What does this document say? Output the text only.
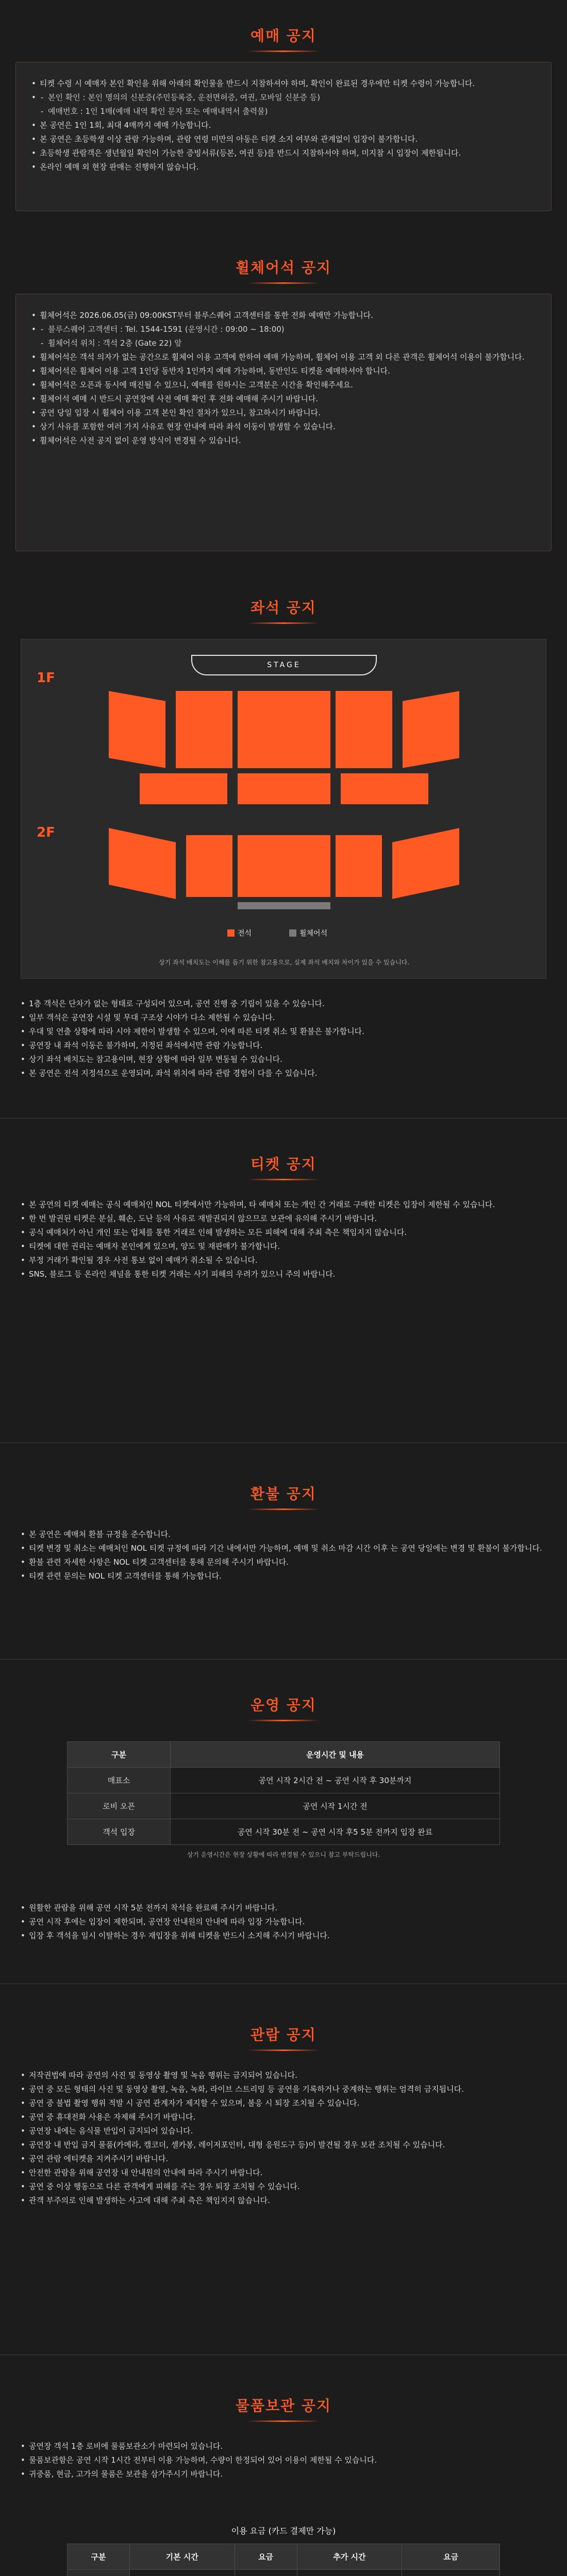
예매 공지
• 티켓 수령 시 예매자 본인 확인을 위해 아래의 확인물을 반드시 지참하셔야 하며, 확인이 완료된 경우에만 티켓 수령이 가능합니다.
- • 본인 확인 : 본인 명의의 신분증(주민등록증, 운전면허증, 여권, 모바일 신분증 등)
- 예매번호 : 1인 1매(예매 내역 확인 문자 또는 예매내역서 출력물)
• 본 공연은 1인 1회, 최대 4매까지 예매 가능합니다.
• 본 공연은 초등학생 이상 관람 가능하며, 관람 연령 미만의 아동은 티켓 소지 여부와 관계없이 입장이 불가합니다.
• 초등학생 관람객은 생년월일 확인이 가능한 증빙서류(등본, 여권 등)를 반드시 지참하셔야 하며, 미지참 시 입장이 제한됩니다.
• 온라인 예매 외 현장 판매는 진행하지 않습니다.
휠체어석 공지
• 휠체어석은 2026.06.05(금) 09:00KST부터 블루스퀘어 고객센터를 통한 전화 예매만 가능합니다.
- • 블루스퀘어 고객센터 : Tel. 1544-1591 (운영시간 : 09:00 ~ 18:00)
- 휠체어석 위치 : 객석 2층 (Gate 22) 앞
• 휠체어석은 객석 의자가 없는 공간으로 휠체어 이용 고객에 한하여 예매 가능하며, 휠체어 이용 고객 외 다른 관객은 휠체어석 이용이 불가합니다.
• 휠체어석은 휠체어 이용 고객 1인당 동반자 1인까지 예매 가능하며, 동반인도 티켓을 예매하셔야 합니다.
• 휠체어석은 오픈과 동시에 매진될 수 있으니, 예매를 원하시는 고객분은 시간을 확인해주세요.
• 휠체어석 예매 시 반드시 공연장에 사전 예매 확인 후 전화 예매해 주시기 바랍니다.
• 공연 당일 입장 시 휠체어 이용 고객 본인 확인 절차가 있으니, 참고하시기 바랍니다.
• 상기 사유를 포함한 여러 가지 사유로 현장 안내에 따라 좌석 이동이 발생할 수 있습니다.
• 휠체어석은 사전 공지 없이 운영 방식이 변경될 수 있습니다.
좌석 공지
STAGE
1F
2F
전석	휠체어석
상기 좌석 배치도는 이해를 돕기 위한 참고용으로, 실제 좌석 배치와 차이가 있을 수 있습니다.
• 1층 객석은 단차가 없는 형태로 구성되어 있으며, 공연 진행 중 기립이 있을 수 있습니다.
• 일부 객석은 공연장 시설 및 무대 구조상 시야가 다소 제한될 수 있습니다.
• 우대 및 연출 상황에 따라 시야 제한이 발생할 수 있으며, 이에 따른 티켓 취소 및 환불은 불가합니다.
• 공연장 내 좌석 이동은 불가하며, 지정된 좌석에서만 관람 가능합니다.
• 상기 좌석 배치도는 참고용이며, 현장 상황에 따라 일부 변동될 수 있습니다.
• 본 공연은 전석 지정석으로 운영되며, 좌석 위치에 따라 관람 경험이 다를 수 있습니다.
티켓 공지
• 본 공연의 티켓 예매는 공식 예매처인 NOL 티켓에서만 가능하며, 타 예매처 또는 개인 간 거래로 구매한 티켓은 입장이 제한될 수 있습니다.
• 한 번 발권된 티켓은 분실, 훼손, 도난 등의 사유로 재발권되지 않으므로 보관에 유의해 주시기 바랍니다.
• 공식 예매처가 아닌 개인 또는 업체를 통한 거래로 인해 발생하는 모든 피해에 대해 주최 측은 책임지지 않습니다.
• 티켓에 대한 권리는 예매자 본인에게 있으며, 양도 및 재판매가 불가합니다.
• 부정 거래가 확인될 경우 사전 통보 없이 예매가 취소될 수 있습니다.
• SNS, 블로그 등 온라인 채널을 통한 티켓 거래는 사기 피해의 우려가 있으니 주의 바랍니다.
환불 공지
• 본 공연은 예매처 환불 규정을 준수합니다.
• 티켓 변경 및 취소는 예매처인 NOL 티켓 규정에 따라 기간 내에서만 가능하며, 예매 및 취소 마감 시간 이후 는 공연 당일에는 변경 및 환불이 불가합니다.
• 환불 관련 자세한 사항은 NOL 티켓 고객센터를 통해 문의해 주시기 바랍니다.
• 티켓 관련 문의는 NOL 티켓 고객센터를 통해 가능합니다.
운영 공지
구분	운영시간 및 내용
매표소	공연 시작 2시간 전 ~ 공연 시작 후 30분까지
로비 오픈	공연 시작 1시간 전
객석 입장	공연 시작 30분 전 ~ 공연 시작 후5 5분 전까지 입장 완료
상기 운영시간은 현장 상황에 따라 변경될 수 있으니 참고 부탁드립니다.
• 원활한 관람을 위해 공연 시작 5분 전까지 착석을 완료해 주시기 바랍니다.
• 공연 시작 후에는 입장이 제한되며, 공연장 안내원의 안내에 따라 입장 가능합니다.
• 입장 후 객석을 일시 이탈하는 경우 재입장을 위해 티켓을 반드시 소지해 주시기 바랍니다.
관람 공지
• 저작권법에 따라 공연의 사진 및 동영상 촬영 및 녹음 행위는 금지되어 있습니다.
• 공연 중 모든 형태의 사진 및 동영상 촬영, 녹음, 녹화, 라이브 스트리밍 등 공연을 기록하거나 중계하는 행위는 엄격히 금지됩니다.
• 공연 중 불법 촬영 행위 적발 시 공연 관계자가 제지할 수 있으며, 불응 시 퇴장 조치될 수 있습니다.
• 공연 중 휴대전화 사용은 자제해 주시기 바랍니다.
• 공연장 내에는 음식물 반입이 금지되어 있습니다.
• 공연장 내 반입 금지 물품(카메라, 캠코더, 셀카봉, 레이저포인터, 대형 응원도구 등)이 발견될 경우 보관 조치될 수 있습니다.
• 공연 관람 에티켓을 지켜주시기 바랍니다.
• 안전한 관람을 위해 공연장 내 안내원의 안내에 따라 주시기 바랍니다.
• 공연 중 이상 행동으로 다른 관객에게 피해를 주는 경우 퇴장 조치될 수 있습니다.
• 관객 부주의로 인해 발생하는 사고에 대해 주최 측은 책임지지 않습니다.
물품보관 공지
• 공연장 객석 1층 로비에 물품보관소가 마련되어 있습니다.
• 물품보관함은 공연 시작 1시간 전부터 이용 가능하며, 수량이 한정되어 있어 이용이 제한될 수 있습니다.
• 귀중품, 현금, 고가의 물품은 보관을 삼가주시기 바랍니다.
이용 요금 (카드 결제만 가능)
구분	기본 시간	요금	추가 시간	요금
